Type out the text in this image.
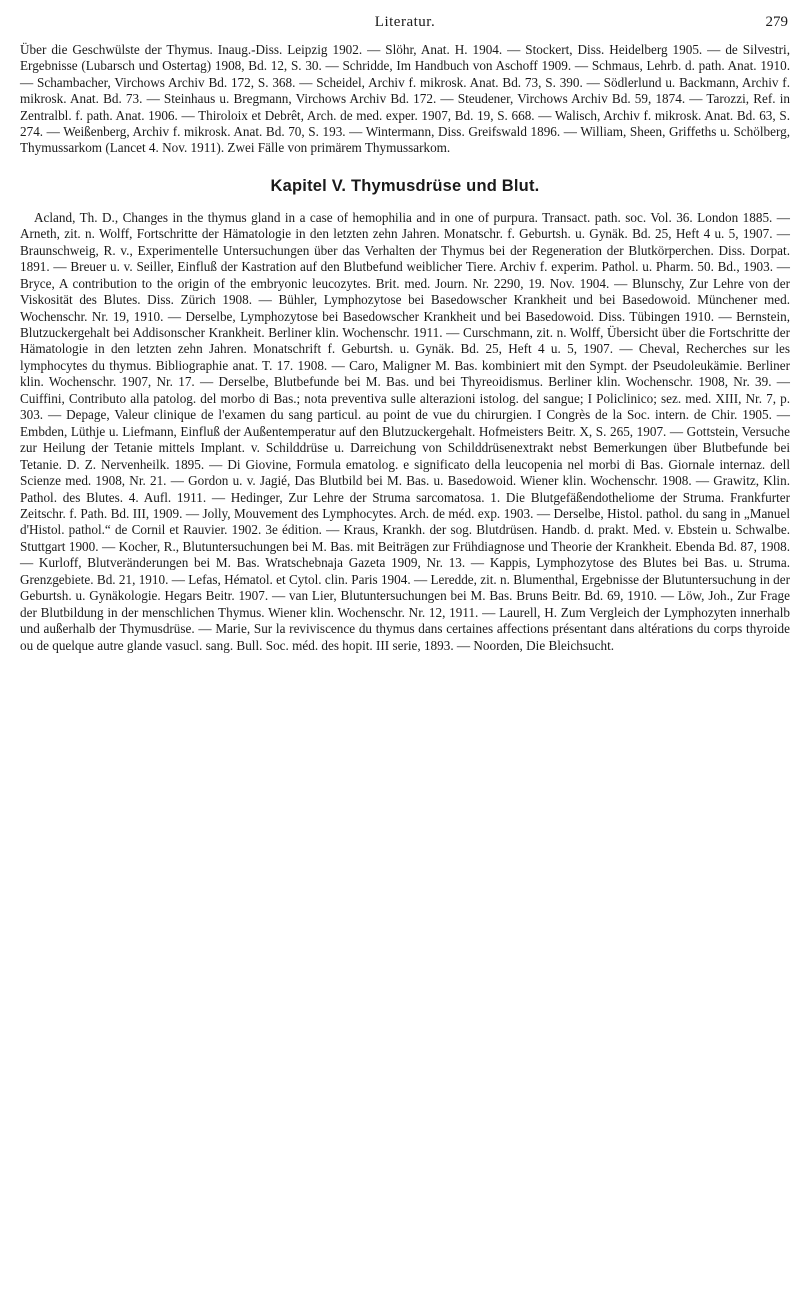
Literatur.	279

Über die Geschwülste der Thymus. Inaug.-Diss. Leipzig 1902. — Slöhr, Anat. H. 1904. — Stockert, Diss. Heidelberg 1905. — de Silvestri, Ergebnisse (Lubarsch und Ostertag) 1908, Bd. 12, S. 30. — Schridde, Im Handbuch von Aschoff 1909. — Schmaus, Lehrb. d. path. Anat. 1910. — Schambacher, Virchows Archiv Bd. 172, S. 368. — Scheidel, Archiv f. mikrosk. Anat. Bd. 73, S. 390. — Södlerlund u. Backmann, Archiv f. mikrosk. Anat. Bd. 73. — Steinhaus u. Bregmann, Virchows Archiv Bd. 172. — Steudener, Virchows Archiv Bd. 59, 1874. — Tarozzi, Ref. in Zentralbl. f. path. Anat. 1906. — Thiroloix et Debrêt, Arch. de med. exper. 1907, Bd. 19, S. 668. — Walisch, Archiv f. mikrosk. Anat. Bd. 63, S. 274. — Weißenberg, Archiv f. mikrosk. Anat. Bd. 70, S. 193. — Wintermann, Diss. Greifswald 1896. — William, Sheen, Griffeths u. Schölberg, Thymussarkom (Lancet 4. Nov. 1911). Zwei Fälle von primärem Thymussarkom.

Kapitel V. Thymusdrüse und Blut.

Acland, Th. D., Changes in the thymus gland in a case of hemophilia and in one of purpura. Transact. path. soc. Vol. 36. London 1885. — Arneth, zit. n. Wolff, Fortschritte der Hämatologie in den letzten zehn Jahren. Monatschr. f. Geburtsh. u. Gynäk. Bd. 25, Heft 4 u. 5, 1907. — Braunschweig, R. v., Experimentelle Untersuchungen über das Verhalten der Thymus bei der Regeneration der Blutkörperchen. Diss. Dorpat. 1891. — Breuer u. v. Seiller, Einfluß der Kastration auf den Blutbefund weiblicher Tiere. Archiv f. experim. Pathol. u. Pharm. 50. Bd., 1903. — Bryce, A contribution to the origin of the embryonic leucozytes. Brit. med. Journ. Nr. 2290, 19. Nov. 1904. — Blunschy, Zur Lehre von der Viskosität des Blutes. Diss. Zürich 1908. — Bühler, Lymphozytose bei Basedowscher Krankheit und bei Basedowoid. Münchener med. Wochenschr. Nr. 19, 1910. — Derselbe, Lymphozytose bei Basedowscher Krankheit und bei Basedowoid. Diss. Tübingen 1910. — Bernstein, Blutzuckergehalt bei Addisonscher Krankheit. Berliner klin. Wochenschr. 1911. — Curschmann, zit. n. Wolff, Übersicht über die Fortschritte der Hämatologie in den letzten zehn Jahren. Monatschrift f. Geburtsh. u. Gynäk. Bd. 25, Heft 4 u. 5, 1907. — Cheval, Recherches sur les lymphocytes du thymus. Bibliographie anat. T. 17. 1908. — Caro, Maligner M. Bas. kombiniert mit den Sympt. der Pseudoleukämie. Berliner klin. Wochenschr. 1907, Nr. 17. — Derselbe, Blutbefunde bei M. Bas. und bei Thyreoidismus. Berliner klin. Wochenschr. 1908, Nr. 39. — Cuiffini, Contributo alla patolog. del morbo di Bas.; nota preventiva sulle alterazioni istolog. del sangue; I Policlinico; sez. med. XIII, Nr. 7, p. 303. — Depage, Valeur clinique de l'examen du sang particul. au point de vue du chirurgien. I Congrès de la Soc. intern. de Chir. 1905. — Embden, Lüthje u. Liefmann, Einfluß der Außentemperatur auf den Blutzuckergehalt. Hofmeisters Beitr. X, S. 265, 1907. — Gottstein, Versuche zur Heilung der Tetanie mittels Implant. v. Schilddrüse u. Darreichung von Schilddrüsenextrakt nebst Bemerkungen über Blutbefunde bei Tetanie. D. Z. Nervenheilk. 1895. — Di Giovine, Formula ematolog. e significato della leucopenia nel morbi di Bas. Giornale internaz. dell Scienze med. 1908, Nr. 21. — Gordon u. v. Jagié, Das Blutbild bei M. Bas. u. Basedowoid. Wiener klin. Wochenschr. 1908. — Grawitz, Klin. Pathol. des Blutes. 4. Aufl. 1911. — Hedinger, Zur Lehre der Struma sarcomatosa. 1. Die Blutgefäßendotheliome der Struma. Frankfurter Zeitschr. f. Path. Bd. III, 1909. — Jolly, Mouvement des Lymphocytes. Arch. de méd. exp. 1903. — Derselbe, Histol. pathol. du sang in „Manuel d'Histol. pathol.“ de Cornil et Rauvier. 1902. 3e édition. — Kraus, Krankh. der sog. Blutdrüsen. Handb. d. prakt. Med. v. Ebstein u. Schwalbe. Stuttgart 1900. — Kocher, R., Blutuntersuchungen bei M. Bas. mit Beiträgen zur Frühdiagnose und Theorie der Krankheit. Ebenda Bd. 87, 1908. — Kurloff, Blutveränderungen bei M. Bas. Wratschebnaja Gazeta 1909, Nr. 13. — Kappis, Lymphozytose des Blutes bei Bas. u. Struma. Grenzgebiete. Bd. 21, 1910. — Lefas, Hématol. et Cytol. clin. Paris 1904. — Leredde, zit. n. Blumenthal, Ergebnisse der Blutuntersuchung in der Geburtsh. u. Gynäkologie. Hegars Beitr. 1907. — van Lier, Blutuntersuchungen bei M. Bas. Bruns Beitr. Bd. 69, 1910. — Löw, Joh., Zur Frage der Blutbildung in der menschlichen Thymus. Wiener klin. Wochenschr. Nr. 12, 1911. — Laurell, H. Zum Vergleich der Lymphozyten innerhalb und außerhalb der Thymusdrüse. — Marie, Sur la reviviscence du thymus dans certaines affections présentant dans altérations du corps thyroide ou de quelque autre glande vasucl. sang. Bull. Soc. méd. des hopit. III serie, 1893. — Noorden, Die Bleichsucht.
